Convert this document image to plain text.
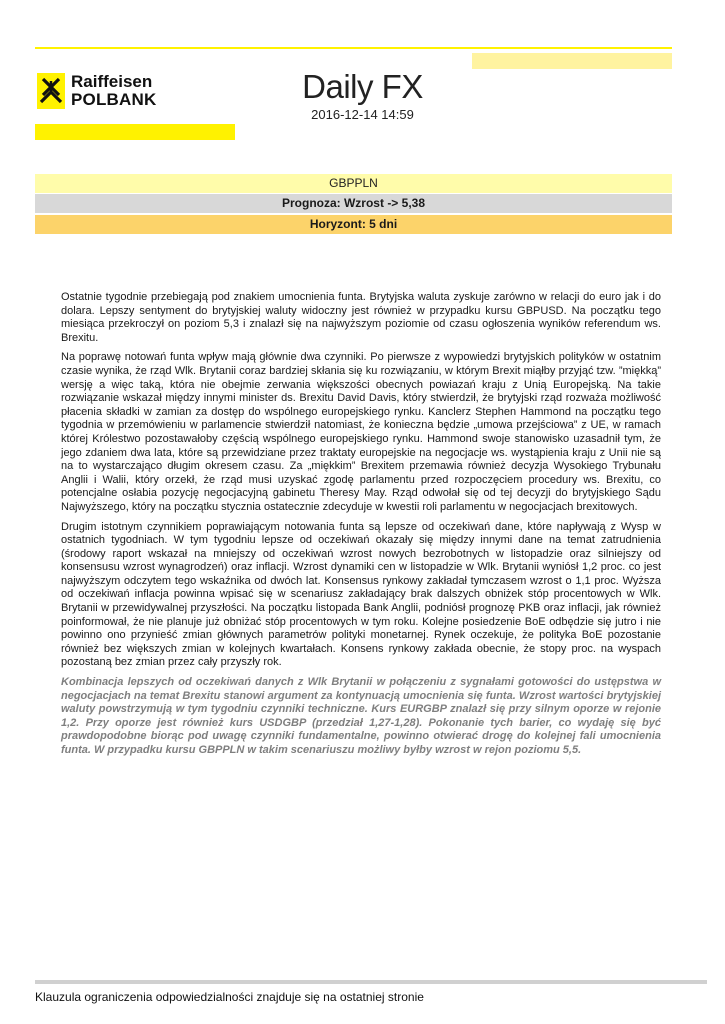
Raiffeisen
POLBANK	Daily FX
2016-12-14 14:59
GBPPLN
Prognoza: Wzrost -> 5,38
Horyzont: 5 dni

Ostatnie tygodnie przebiegają pod znakiem umocnienia funta. Brytyjska waluta zyskuje zarówno w relacji do euro jak i do dolara. Lepszy sentyment do brytyjskiej waluty widoczny jest również w przypadku kursu GBPUSD. Na początku tego miesiąca przekroczył on poziom 5,3 i znalazł się na najwyższym poziomie od czasu ogłoszenia wyników referendum ws. Brexitu.

Na poprawę notowań funta wpływ mają głównie dwa czynniki. Po pierwsze z wypowiedzi brytyjskich polityków w ostatnim czasie wynika, że rząd Wlk. Brytanii coraz bardziej skłania się ku rozwiązaniu, w którym Brexit miąłby przyjąć tzw. ”miękką” wersję a więc taką, która nie obejmie zerwania większości obecnych powiazań kraju z Unią Europejską. Na takie rozwiązanie wskazał między innymi minister ds. Brexitu David Davis, który stwierdził, że brytyjski rząd rozważa możliwość płacenia składki w zamian za dostęp do wspólnego europejskiego rynku. Kanclerz Stephen Hammond na początku tego tygodnia w przemówieniu w parlamencie stwierdził natomiast, że konieczna będzie „umowa przejściowa” z UE, w ramach której Królestwo pozostawałoby częścią wspólnego europejskiego rynku. Hammond swoje stanowisko uzasadnił tym, że jego zdaniem dwa lata, które są przewidziane przez traktaty europejskie na negocjacje ws. wystąpienia kraju z Unii nie są na to wystarczająco długim okresem czasu. Za „miękkim” Brexitem przemawia również decyzja Wysokiego Trybunału Anglii i Walii, który orzekł, że rząd musi uzyskać zgodę parlamentu przed rozpoczęciem procedury ws. Brexitu, co potencjalne osłabia pozycję negocjacyjną gabinetu Theresy May. Rząd odwołał się od tej decyzji do brytyjskiego Sądu Najwyższego, który na początku stycznia ostatecznie zdecyduje w kwestii roli parlamentu w negocjacjach brexitowych.

Drugim istotnym czynnikiem poprawiającym notowania funta są lepsze od oczekiwań dane, które napływają z Wysp w ostatnich tygodniach. W tym tygodniu lepsze od oczekiwań okazały się między innymi dane na temat zatrudnienia (środowy raport wskazał na mniejszy od oczekiwań wzrost nowych bezrobotnych w listopadzie oraz silniejszy od konsensusu wzrost wynagrodzeń) oraz inflacji. Wzrost dynamiki cen w listopadzie w Wlk. Brytanii wyniósł 1,2 proc. co jest najwyższym odczytem tego wskaźnika od dwóch lat. Konsensus rynkowy zakładał tymczasem wzrost o 1,1 proc. Wyższa od oczekiwań inflacja powinna wpisać się w scenariusz zakładający brak dalszych obniżek stóp procentowych w Wlk. Brytanii w przewidywalnej przyszłości. Na początku listopada Bank Anglii, podniósł prognozę PKB oraz inflacji, jak również poinformował, że nie planuje już obniżać stóp procentowych w tym roku. Kolejne posiedzenie BoE odbędzie się jutro i nie powinno ono przynieść zmian głównych parametrów polityki monetarnej. Rynek oczekuje, że polityka BoE pozostanie również bez większych zmian w kolejnych kwartałach. Konsens rynkowy zakłada obecnie, że stopy proc. na wyspach pozostaną bez zmian przez cały przyszły rok.

Kombinacja lepszych od oczekiwań danych z Wlk Brytanii w połączeniu z sygnałami gotowości do ustępstwa w negocjacjach na temat Brexitu stanowi argument za kontynuacją umocnienia się funta. Wzrost wartości brytyjskiej waluty powstrzymują w tym tygodniu czynniki techniczne. Kurs EURGBP znalazł się przy silnym oporze w rejonie 1,2. Przy oporze jest również kurs USDGBP (przedział 1,27-1,28). Pokonanie tych barier, co wydaję się być prawdopodobne biorąc pod uwagę czynniki fundamentalne, powinno otwierać drogę do kolejnej fali umocnienia funta. W przypadku kursu GBPPLN w takim scenariuszu możliwy byłby wzrost w rejon poziomu 5,5.

Klauzula ograniczenia odpowiedzialności znajduje się na ostatniej stronie
